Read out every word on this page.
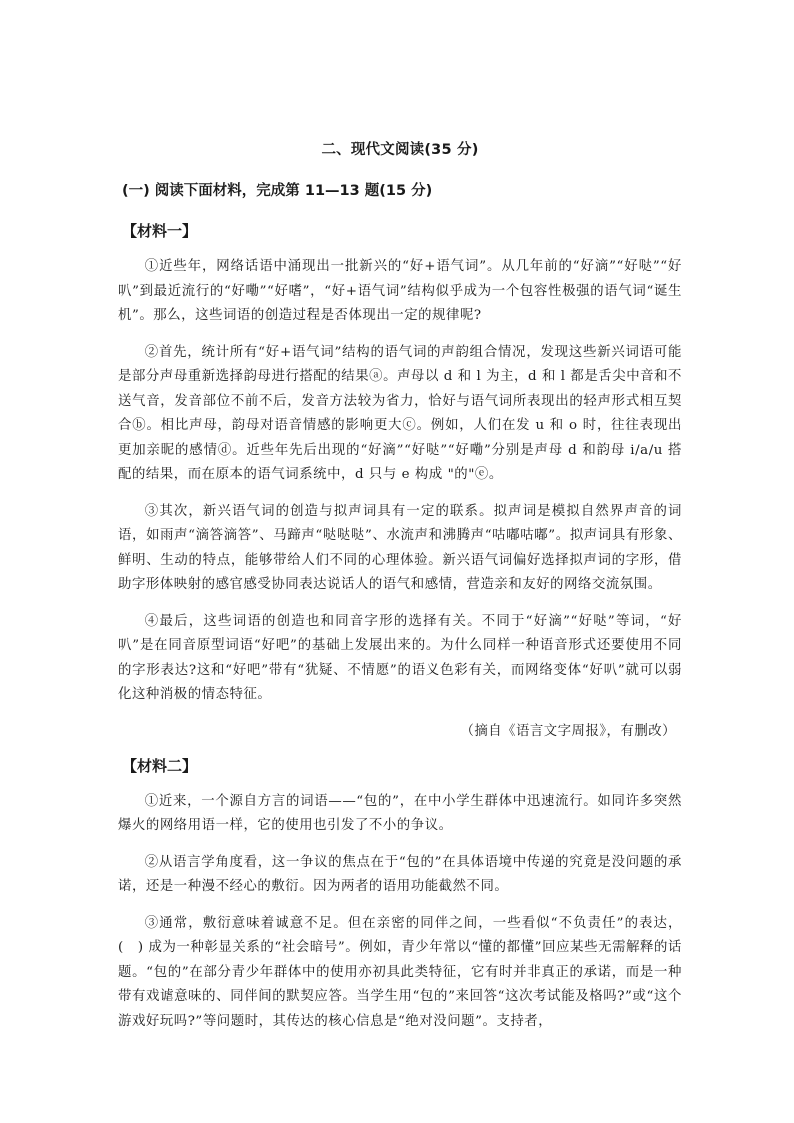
二、现代文阅读(35 分)
(一) 阅读下面材料，完成第 11—13 题(15 分)
【材料一】

①近些年，网络话语中涌现出一批新兴的“好+语气词”。从几年前的“好滴”“好哒”“好叭”到最近流行的“好嘞”“好嗜”，“好+语气词”结构似乎成为一个包容性极强的语气词“诞生机”。那么，这些词语的创造过程是否体现出一定的规律呢?

②首先，统计所有“好+语气词”结构的语气词的声韵组合情况，发现这些新兴词语可能是部分声母重新选择韵母进行搭配的结果ⓐ。声母以 d 和 l 为主，d 和 l 都是舌尖中音和不送气音，发音部位不前不后，发音方法较为省力，恰好与语气词所表现出的轻声形式相互契合ⓑ。相比声母，韵母对语音情感的影响更大ⓒ。例如，人们在发 u 和 o 时，往往表现出更加亲昵的感情ⓓ。近些年先后出现的“好滴”“好哒”“好嘞”分别是声母 d 和韵母 i/a/u 搭配的结果，而在原本的语气词系统中，d 只与 e 构成 "的"ⓔ。

③其次，新兴语气词的创造与拟声词具有一定的联系。拟声词是模拟自然界声音的词语，如雨声“滴答滴答”、马蹄声“哒哒哒”、水流声和沸腾声“咕嘟咕嘟”。拟声词具有形象、鲜明、生动的特点，能够带给人们不同的心理体验。新兴语气词偏好选择拟声词的字形，借助字形体映射的感官感受协同表达说话人的语气和感情，营造亲和友好的网络交流氛围。

④最后，这些词语的创造也和同音字形的选择有关。不同于“好滴”“好哒”等词，“好叭”是在同音原型词语“好吧”的基础上发展出来的。为什么同样一种语音形式还要使用不同的字形表达?这和“好吧”带有“犹疑、不情愿”的语义色彩有关，而网络变体“好叭”就可以弱化这种消极的情态特征。

（摘自《语言文字周报》，有删改）
【材料二】

①近来，一个源自方言的词语——“包的”，在中小学生群体中迅速流行。如同许多突然爆火的网络用语一样，它的使用也引发了不小的争议。

②从语言学角度看，这一争议的焦点在于“包的”在具体语境中传递的究竟是没问题的承诺，还是一种漫不经心的敷衍。因为两者的语用功能截然不同。

③通常，敷衍意味着诚意不足。但在亲密的同伴之间，一些看似“不负责任”的表达，(　) 成为一种彰显关系的“社会暗号”。例如，青少年常以“懂的都懂”回应某些无需解释的话题。“包的”在部分青少年群体中的使用亦初具此类特征，它有时并非真正的承诺，而是一种带有戏谑意味的、同伴间的默契应答。当学生用“包的”来回答“这次考试能及格吗?”或“这个游戏好玩吗?”等问题时，其传达的核心信息是“绝对没问题”。支持者，
